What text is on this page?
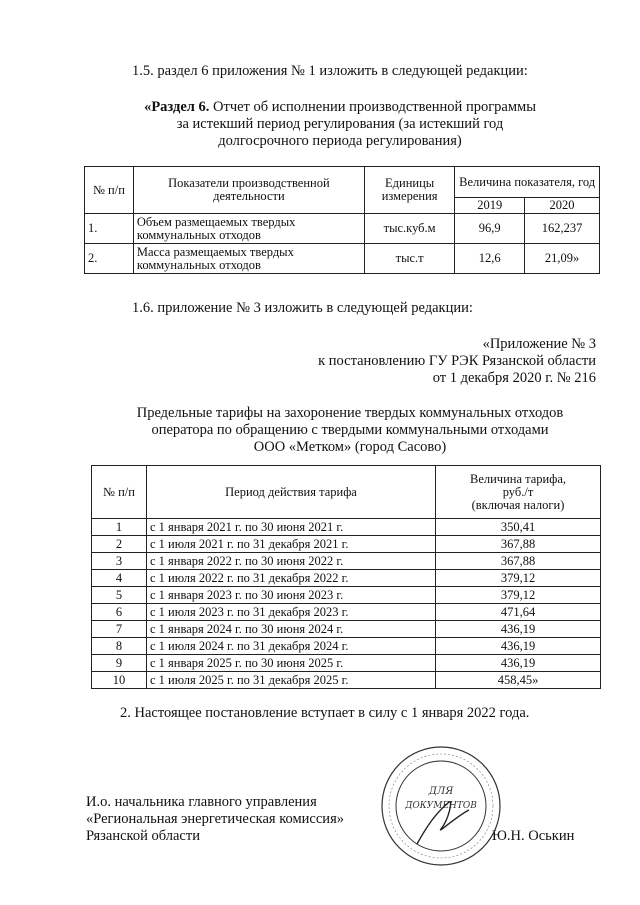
1.5. раздел 6 приложения № 1 изложить в следующей редакции:
«Раздел 6. Отчет об исполнении производственной программы
за истекший период регулирования (за истекший год
долгосрочного периода регулирования)
№ п/п	Показатели производственной деятельности	Единицы измерения	Величина показателя, год	
			2019	2020
1.	Объем размещаемых твердых коммунальных отходов	тыс.куб.м	96,9	162,237
2.	Масса размещаемых твердых коммунальных отходов	тыс.т	12,6	21,09»
1.6. приложение № 3 изложить в следующей редакции:
«Приложение № 3
к постановлению ГУ РЭК Рязанской области
от 1 декабря 2020 г. № 216
Предельные тарифы на захоронение твердых коммунальных отходов
оператора по обращению с твердыми коммунальными отходами
ООО «Метком» (город Сасово)
№ п/п	Период действия тарифа	Величина тарифа,
руб./т
(включая налоги)

1	с 1 января 2021 г. по 30 июня 2021 г.	350,41
2	с 1 июля 2021 г. по 31 декабря 2021 г.	367,88
3	с 1 января 2022 г. по 30 июня 2022 г.	367,88
4	с 1 июля 2022 г. по 31 декабря 2022 г.	379,12
5	с 1 января 2023 г. по 30 июня 2023 г.	379,12
6	с 1 июля 2023 г. по 31 декабря 2023 г.	471,64
7	с 1 января 2024 г. по 30 июня 2024 г.	436,19
8	с 1 июля 2024 г. по 31 декабря 2024 г.	436,19
9	с 1 января 2025 г. по 30 июня 2025 г.	436,19
10	с 1 июля 2025 г. по 31 декабря 2025 г.	458,45»
2. Настоящее постановление вступает в силу с 1 января 2022 года.
И.о. начальника главного управления
«Региональная энергетическая комиссия»
Рязанской области	Ю.Н. Оськин
ДЛЯ
ДОКУМЕНТОВ
